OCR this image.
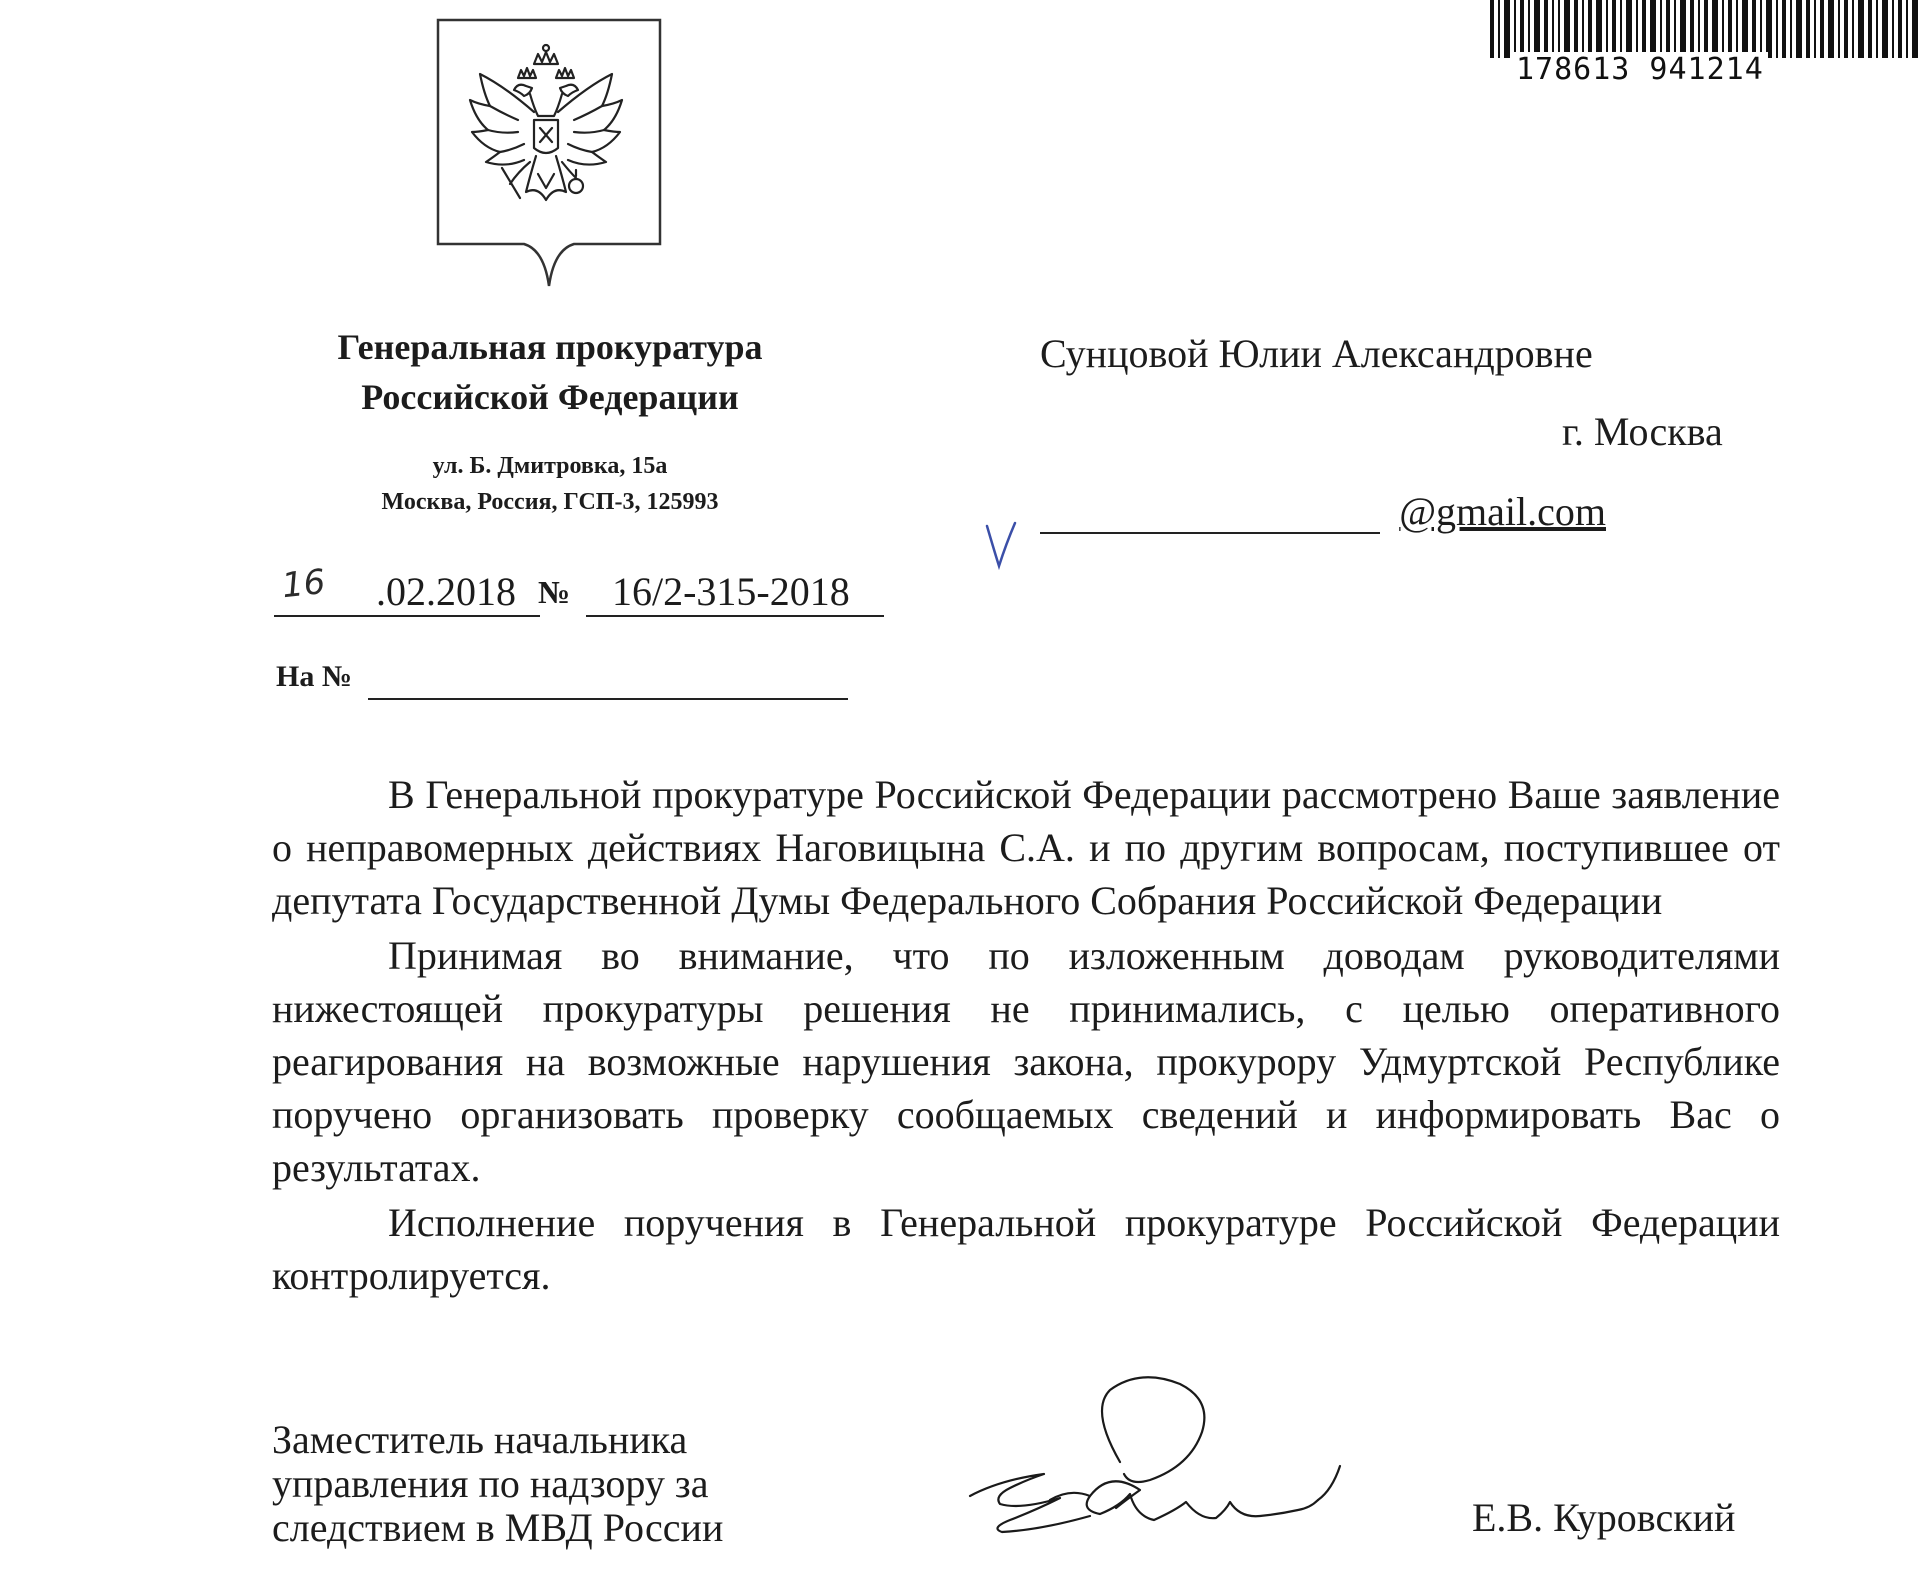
178613 941214
Генеральная прокуратура
Российской Федерации
ул. Б. Дмитровка, 15а
Москва, Россия, ГСП-3, 125993
16 .02.2018 № 16/2-315-2018
На №
Сунцовой Юлии Александровне
г. Москва
@gmail.com

В Генеральной прокуратуре Российской Федерации рассмотрено Ваше заявление о неправомерных действиях Наговицына С.А. и по другим вопросам, поступившее от депутата Государственной Думы Федерального Собрания Российской Федерации

Принимая во внимание, что по изложенным доводам руководителями нижестоящей прокуратуры решения не принимались, с целью оперативного реагирования на возможные нарушения закона, прокурору Удмуртской Республике поручено организовать проверку сообщаемых сведений и информировать Вас о результатах.

Исполнение поручения в Генеральной прокуратуре Российской Федерации контролируется.

Заместитель начальника
управления по надзору за
следствием в МВД России	Е.В. Куровский
